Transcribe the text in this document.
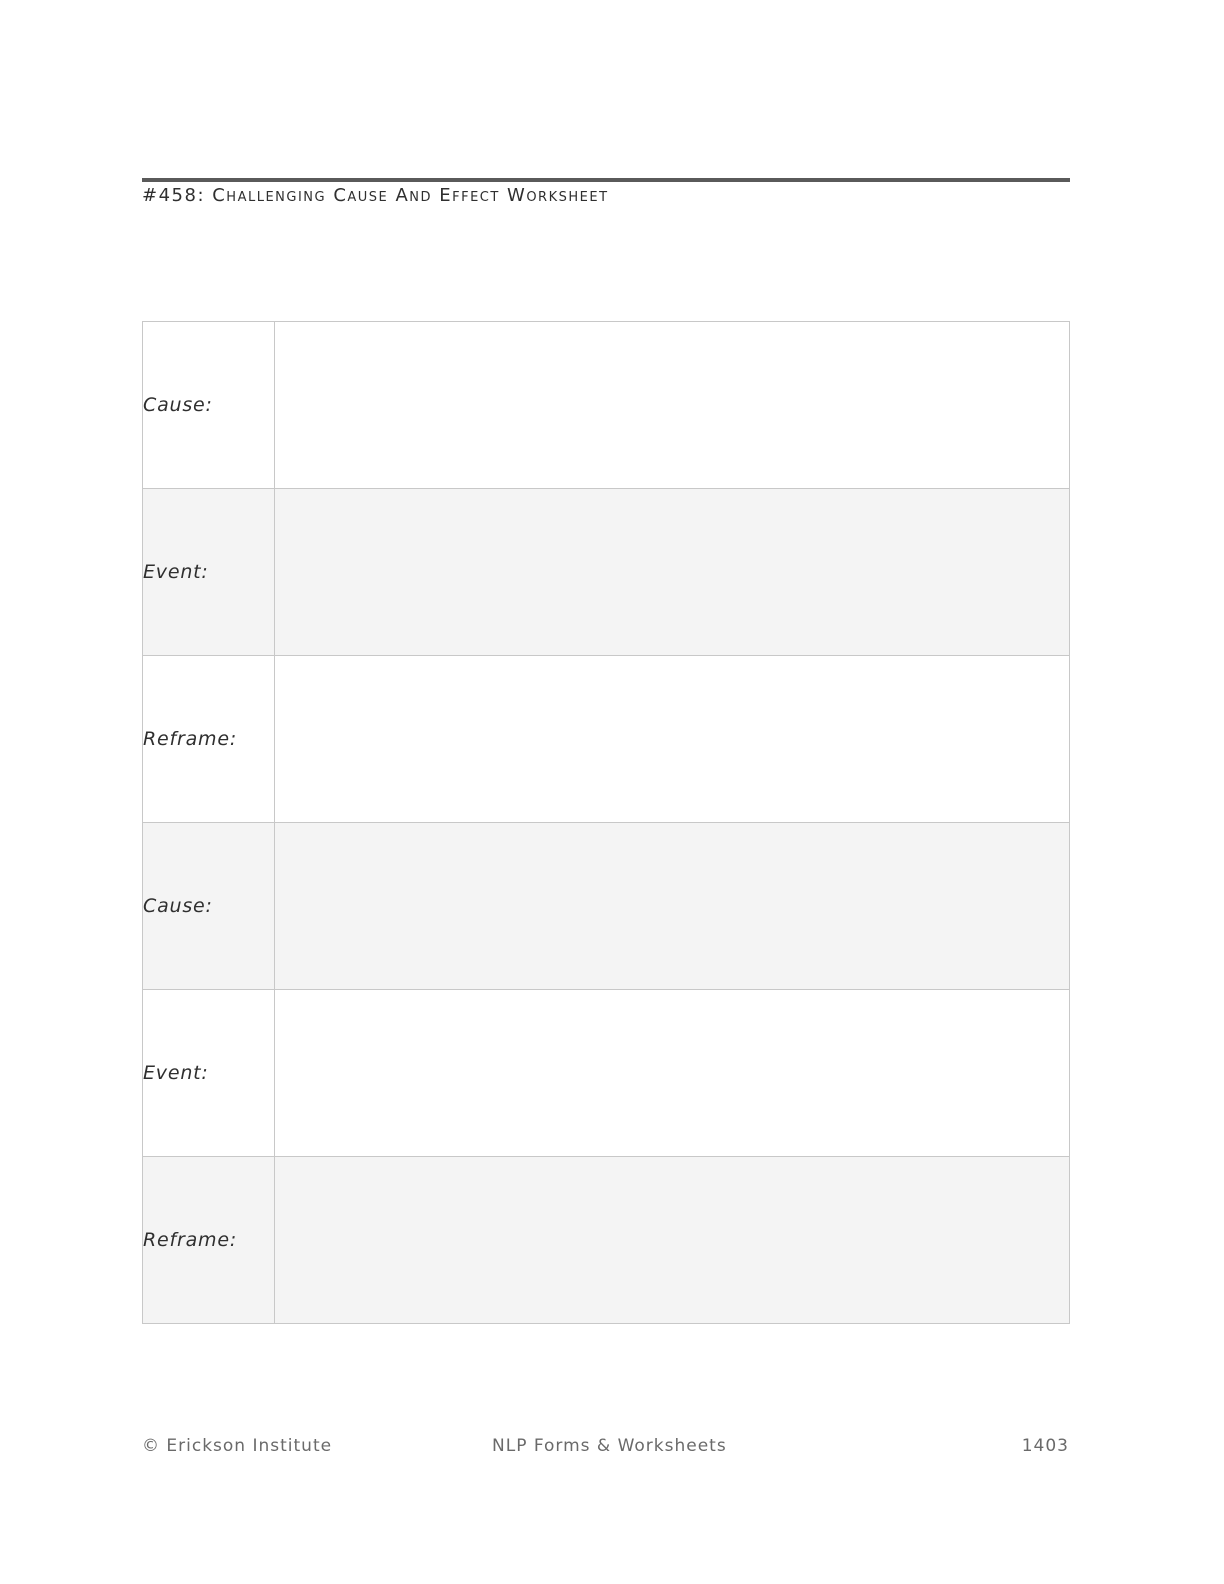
#458: Challenging Cause And Effect Worksheet
Cause:	
Event:	
Reframe:	
Cause:	
Event:	
Reframe:	
© Erickson Institute	NLP Forms & Worksheets	1403
